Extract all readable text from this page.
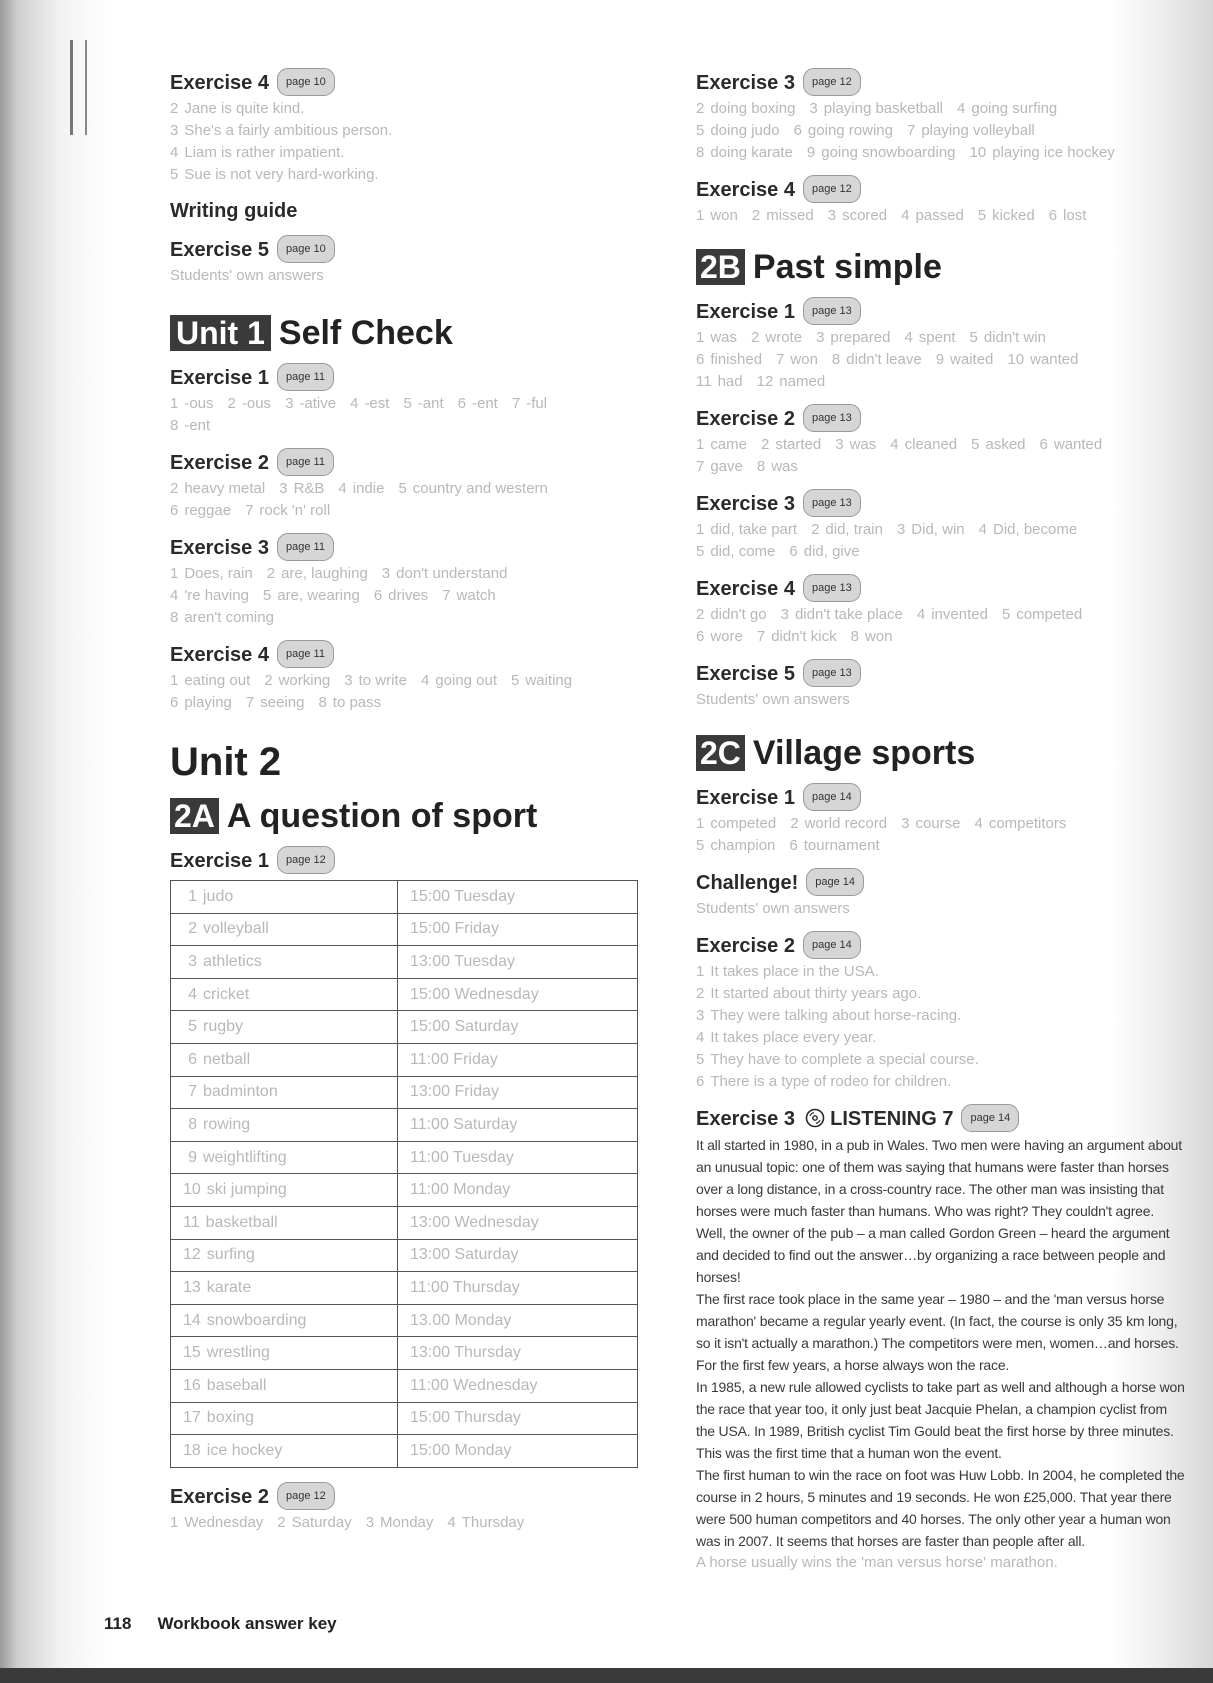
Exercise 4 page 10
2 Jane is quite kind.
3 She's a fairly ambitious person.
4 Liam is rather impatient.
5 Sue is not very hard-working.
Writing guide
Exercise 5 page 10
Students' own answers
Unit 1 Self Check
Exercise 1 page 11
1 -ous 2 -ous 3 -ative 4 -est 5 -ant 6 -ent 7 -ful
8 -ent
Exercise 2 page 11
2 heavy metal 3 R&B 4 indie 5 country and western
6 reggae 7 rock 'n' roll
Exercise 3 page 11
1 Does, rain 2 are, laughing 3 don't understand
4 're having 5 are, wearing 6 drives 7 watch
8 aren't coming
Exercise 4 page 11
1 eating out 2 working 3 to write 4 going out 5 waiting
6 playing 7 seeing 8 to pass
Unit 2
2A A question of sport
Exercise 1 page 12
1 judo	15:00 Tuesday
2 volleyball	15:00 Friday
3 athletics	13:00 Tuesday
4 cricket	15:00 Wednesday
5 rugby	15:00 Saturday
6 netball	11:00 Friday
7 badminton	13:00 Friday
8 rowing	11:00 Saturday
9 weightlifting	11:00 Tuesday
10 ski jumping	11:00 Monday
11 basketball	13:00 Wednesday
12 surfing	13:00 Saturday
13 karate	11:00 Thursday
14 snowboarding	13.00 Monday
15 wrestling	13:00 Thursday
16 baseball	11:00 Wednesday
17 boxing	15:00 Thursday
18 ice hockey	15:00 Monday
Exercise 2 page 12
1 Wednesday 2 Saturday 3 Monday 4 Thursday
Exercise 3 page 12
2 doing boxing 3 playing basketball 4 going surfing
5 doing judo 6 going rowing 7 playing volleyball
8 doing karate 9 going snowboarding 10 playing ice hockey
Exercise 4 page 12
1 won 2 missed 3 scored 4 passed 5 kicked 6 lost
2B Past simple
Exercise 1 page 13
1 was 2 wrote 3 prepared 4 spent 5 didn't win
6 finished 7 won 8 didn't leave 9 waited 10 wanted
11 had 12 named
Exercise 2 page 13
1 came 2 started 3 was 4 cleaned 5 asked 6 wanted
7 gave 8 was
Exercise 3 page 13
1 did, take part 2 did, train 3 Did, win 4 Did, become
5 did, come 6 did, give
Exercise 4 page 13
2 didn't go 3 didn't take place 4 invented 5 competed
6 wore 7 didn't kick 8 won
Exercise 5 page 13
Students' own answers
2C Village sports
Exercise 1 page 14
1 competed 2 world record 3 course 4 competitors
5 champion 6 tournament
Challenge! page 14
Students' own answers
Exercise 2 page 14
1 It takes place in the USA.
2 It started about thirty years ago.
3 They were talking about horse-racing.
4 It takes place every year.
5 They have to complete a special course.
6 There is a type of rodeo for children.
Exercise 3 LISTENING 7 page 14

It all started in 1980, in a pub in Wales. Two men were having an argument about an unusual topic: one of them was saying that humans were faster than horses over a long distance, in a cross-country race. The other man was insisting that horses were much faster than humans. Who was right? They couldn't agree. Well, the owner of the pub – a man called Gordon Green – heard the argument and decided to find out the answer…by organizing a race between people and horses!

The first race took place in the same year – 1980 – and the 'man versus horse marathon' became a regular yearly event. (In fact, the course is only 35 km long, so it isn't actually a marathon.) The competitors were men, women…and horses. For the first few years, a horse always won the race.

In 1985, a new rule allowed cyclists to take part as well and although a horse won the race that year too, it only just beat Jacquie Phelan, a champion cyclist from the USA. In 1989, British cyclist Tim Gould beat the first horse by three minutes. This was the first time that a human won the event.

The first human to win the race on foot was Huw Lobb. In 2004, he completed the course in 2 hours, 5 minutes and 19 seconds. He won £25,000. That year there were 500 human competitors and 40 horses. The only other year a human won was in 2007. It seems that horses are faster than people after all.

A horse usually wins the 'man versus horse' marathon.
118 Workbook answer key
